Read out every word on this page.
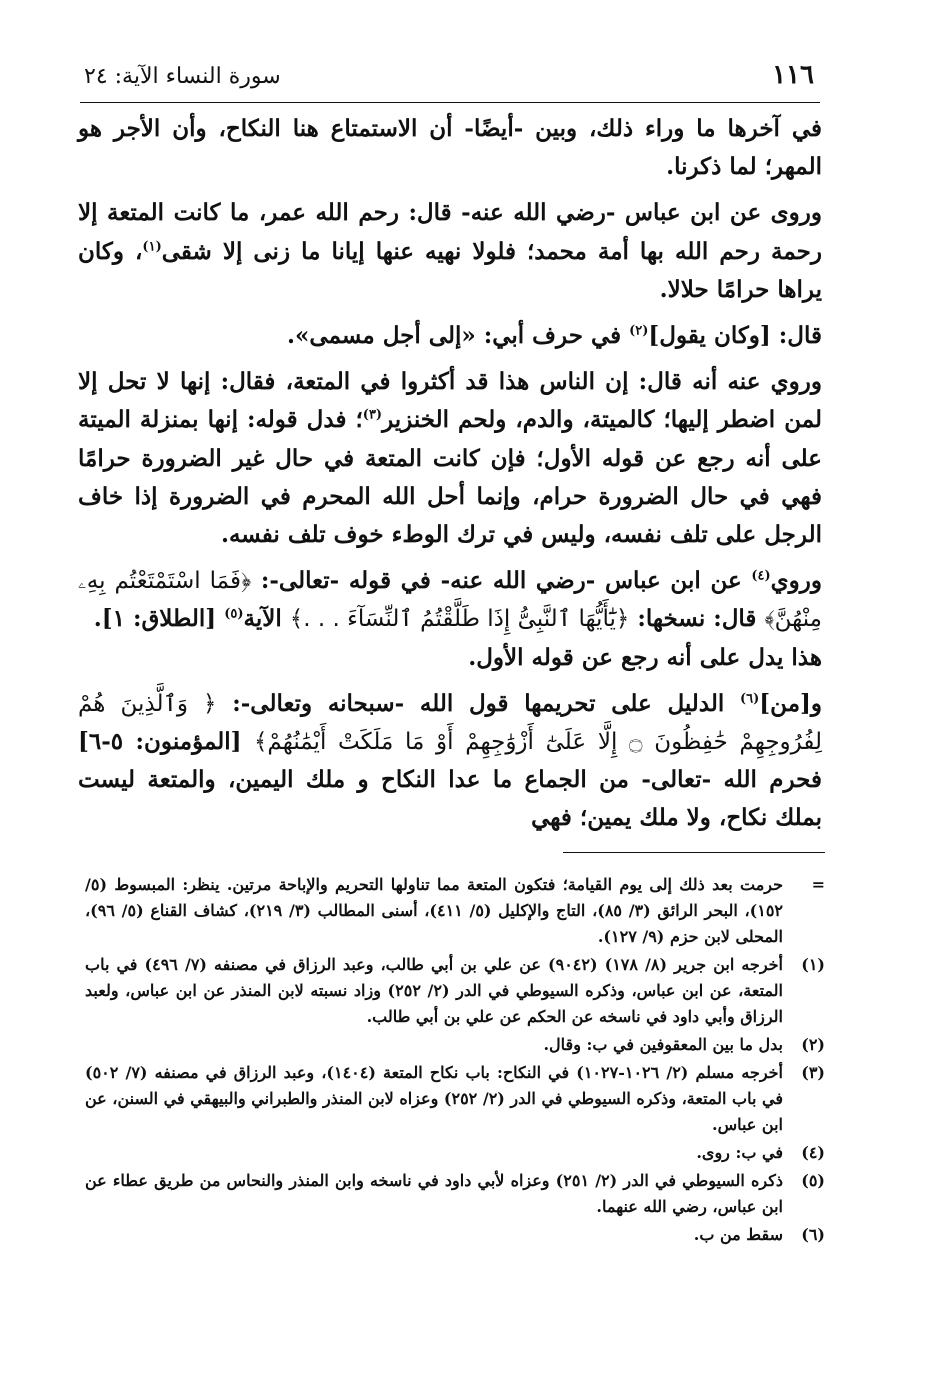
١١٦
سورة النساء الآية: ٢٤

في آخرها ما وراء ذلك، وبين -أيضًا- أن الاستمتاع هنا النكاح، وأن الأجر هو المهر؛ لما ذكرنا.

وروى عن ابن عباس -رضي الله عنه- قال: رحم الله عمر، ما كانت المتعة إلا رحمة رحم الله بها أمة محمد؛ فلولا نهيه عنها إيانا ما زنى إلا شقى$^{(١)}$، وكان يراها حرامًا حلالا.

قال: [وكان يقول]$^{(٢)}$ في حرف أبي: «إلى أجل مسمى».

وروي عنه أنه قال: إن الناس هذا قد أكثروا في المتعة، فقال: إنها لا تحل إلا لمن اضطر إليها؛ كالميتة، والدم، ولحم الخنزير$^{(٣)}$؛ فدل قوله: إنها بمنزلة الميتة على أنه رجع عن قوله الأول؛ فإن كانت المتعة في حال غير الضرورة حرامًا فهي في حال الضرورة حرام، وإنما أحل الله المحرم في الضرورة إذا خاف الرجل على تلف نفسه، وليس في ترك الوطء خوف تلف نفسه.

وروي$^{(٤)}$ عن ابن عباس -رضي الله عنه- في قوله -تعالى-: ﴿فَمَا اسْتَمْتَعْتُم بِهِۦ مِنْهُنَّ﴾ قال: نسخها: ﴿يَٰٓأَيُّهَا ٱلنَّبِىُّ إِذَا طَلَّقْتُمُ ٱلنِّسَآءَ . . .﴾ الآية$^{(٥)}$ [الطلاق: ١].

هذا يدل على أنه رجع عن قوله الأول.

و[من]$^{(٦)}$ الدليل على تحريمها قول الله -سبحانه وتعالى-: ﴿ وَٱلَّذِينَ هُمْ لِفُرُوجِهِمْ حَٰفِظُونَ ۝ إِلَّا عَلَىٰٓ أَزْوَٰجِهِمْ أَوْ مَا مَلَكَتْ أَيْمَٰنُهُمْ﴾ [المؤمنون: ٥-٦] فحرم الله -تعالى- من الجماع ما عدا النكاح و ملك اليمين، والمتعة ليست بملك نكاح، ولا ملك يمين؛ فهي

=
حرمت بعد ذلك إلى يوم القيامة؛ فتكون المتعة مما تناولها التحريم والإباحة مرتين. ينظر: المبسوط (٥/ ١٥٢)، البحر الرائق (٣/ ٨٥)، التاج والإكليل (٥/ ٤١١)، أسنى المطالب (٣/ ٢١٩)، كشاف القناع (٥/ ٩٦)، المحلى لابن حزم (٩/ ١٢٧).
(١)
أخرجه ابن جرير (٨/ ١٧٨) (٩٠٤٢) عن علي بن أبي طالب، وعبد الرزاق في مصنفه (٧/ ٤٩٦) في باب المتعة، عن ابن عباس، وذكره السيوطي في الدر (٢/ ٢٥٢) وزاد نسبته لابن المنذر عن ابن عباس، ولعبد الرزاق وأبي داود في ناسخه عن الحكم عن علي بن أبي طالب.
(٢)
بدل ما بين المعقوفين في ب: وقال.
(٣)
أخرجه مسلم (٢/ ١٠٢٦-١٠٢٧) في النكاح: باب نكاح المتعة (١٤٠٤)، وعبد الرزاق في مصنفه (٧/ ٥٠٢) في باب المتعة، وذكره السيوطي في الدر (٢/ ٢٥٢) وعزاه لابن المنذر والطبراني والبيهقي في السنن، عن ابن عباس.
(٤)
في ب: روى.
(٥)
ذكره السيوطي في الدر (٢/ ٢٥١) وعزاه لأبي داود في ناسخه وابن المنذر والنحاس من طريق عطاء عن ابن عباس، رضي الله عنهما.
(٦)
سقط من ب.
